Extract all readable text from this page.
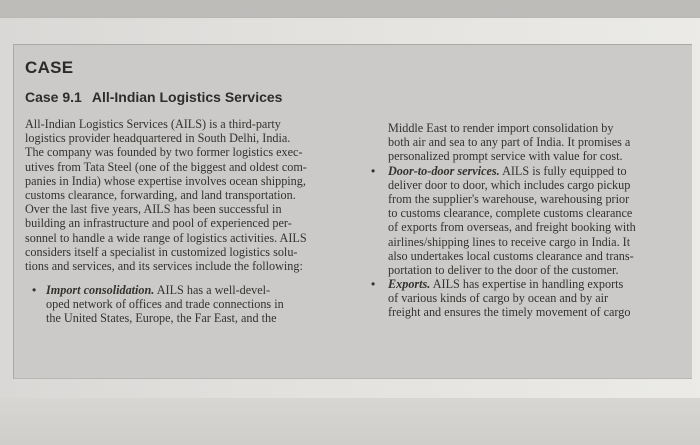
CASE
Case 9.1 All-Indian Logistics Services
All-Indian Logistics Services (AILS) is a third-party
logistics provider headquartered in South Delhi, India.
The company was founded by two former logistics exec-
utives from Tata Steel (one of the biggest and oldest com-
panies in India) whose expertise involves ocean shipping,
customs clearance, forwarding, and land transportation.
Over the last five years, AILS has been successful in
building an infrastructure and pool of experienced per-
sonnel to handle a wide range of logistics activities. AILS
considers itself a specialist in customized logistics solu-
tions and services, and its services include the following:
• Import consolidation. AILS has a well-devel-
oped network of offices and trade connections in
the United States, Europe, the Far East, and the
Middle East to render import consolidation by
both air and sea to any part of India. It promises a
personalized prompt service with value for cost.
• Door-to-door services. AILS is fully equipped to
deliver door to door, which includes cargo pickup
from the supplier's warehouse, warehousing prior
to customs clearance, complete customs clearance
of exports from overseas, and freight booking with
airlines/shipping lines to receive cargo in India. It
also undertakes local customs clearance and trans-
portation to deliver to the door of the customer.
• Exports. AILS has expertise in handling exports
of various kinds of cargo by ocean and by air
freight and ensures the timely movement of cargo
